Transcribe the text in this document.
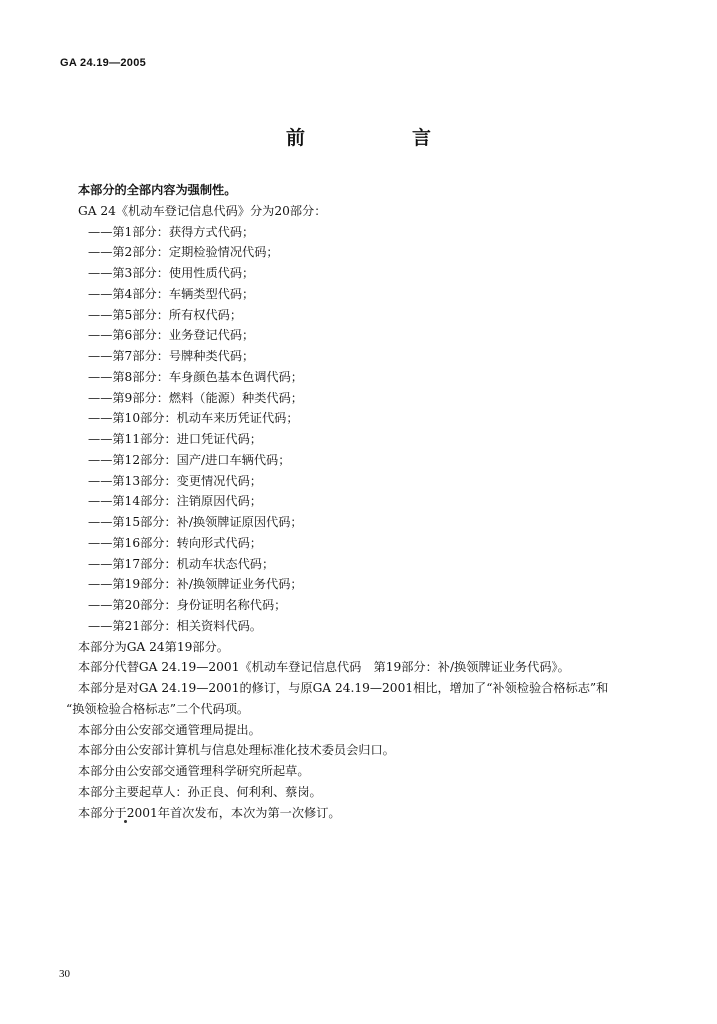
GA 24.19—2005
前　言
本部分的全部内容为强制性。
GA 24《机动车登记信息代码》分为20部分：
——第1部分：获得方式代码；
——第2部分：定期检验情况代码；
——第3部分：使用性质代码；
——第4部分：车辆类型代码；
——第5部分：所有权代码；
——第6部分：业务登记代码；
——第7部分：号牌种类代码；
——第8部分：车身颜色基本色调代码；
——第9部分：燃料（能源）种类代码；
——第10部分：机动车来历凭证代码；
——第11部分：进口凭证代码；
——第12部分：国产/进口车辆代码；
——第13部分：变更情况代码；
——第14部分：注销原因代码；
——第15部分：补/换领牌证原因代码；
——第16部分：转向形式代码；
——第17部分：机动车状态代码；
——第19部分：补/换领牌证业务代码；
——第20部分：身份证明名称代码；
——第21部分：相关资料代码。
本部分为GA 24第19部分。
本部分代替GA 24.19—2001《机动车登记信息代码　第19部分：补/换领牌证业务代码》。
本部分是对GA 24.19—2001的修订，与原GA 24.19—2001相比，增加了“补领检验合格标志”和
“换领检验合格标志”二个代码项。
本部分由公安部交通管理局提出。
本部分由公安部计算机与信息处理标准化技术委员会归口。
本部分由公安部交通管理科学研究所起草。
本部分主要起草人：孙正良、何利利、蔡岗。
本部分于2001年首次发布，本次为第一次修订。
30
